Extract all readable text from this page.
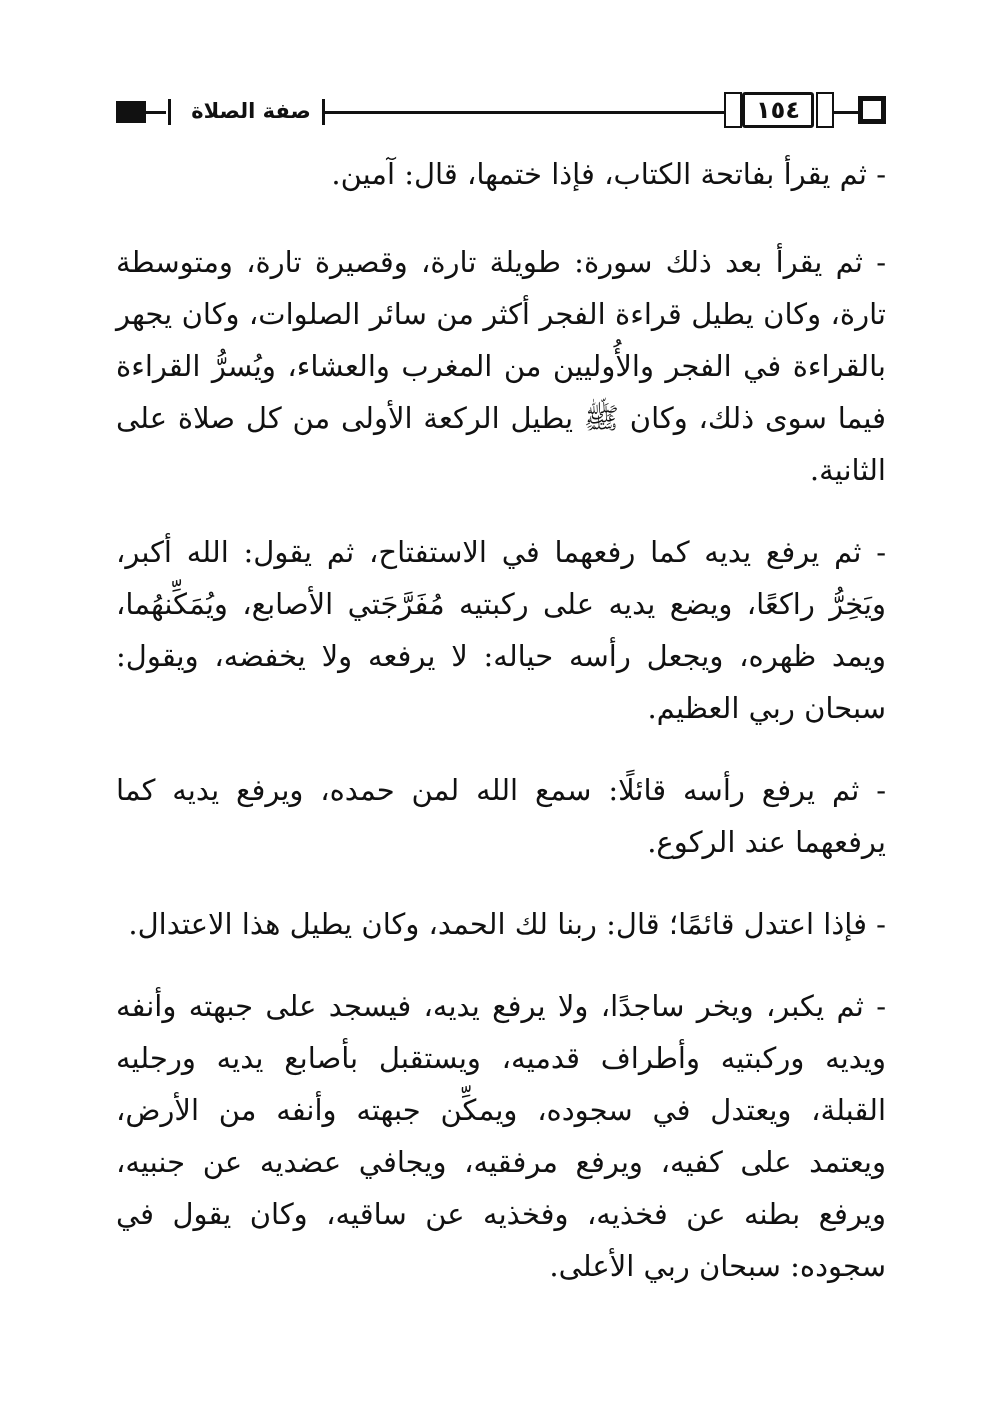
صفة الصلاة	١٥٤

- ثم يقرأ بفاتحة الكتاب، فإذا ختمها، قال: آمين.

- ثم يقرأ بعد ذلك سورة: طويلة تارة، وقصيرة تارة، ومتوسطة تارة، وكان يطيل قراءة الفجر أكثر من سائر الصلوات، وكان يجهر بالقراءة في الفجر والأُوليين من المغرب والعشاء، ويُسرُّ القراءة فيما سوى ذلك، وكان ﷺ يطيل الركعة الأولى من كل صلاة على الثانية.

- ثم يرفع يديه كما رفعهما في الاستفتاح، ثم يقول: الله أكبر، ويَخِرُّ راكعًا، ويضع يديه على ركبتيه مُفَرَّجَتي الأصابع، ويُمَكِّنهُما، ويمد ظهره، ويجعل رأسه حياله: لا يرفعه ولا يخفضه، ويقول: سبحان ربي العظيم.

- ثم يرفع رأسه قائلًا: سمع الله لمن حمده، ويرفع يديه كما يرفعهما عند الركوع.

- فإذا اعتدل قائمًا؛ قال: ربنا لك الحمد، وكان يطيل هذا الاعتدال.

- ثم يكبر، ويخر ساجدًا، ولا يرفع يديه، فيسجد على جبهته وأنفه ويديه وركبتيه وأطراف قدميه، ويستقبل بأصابع يديه ورجليه القبلة، ويعتدل في سجوده، ويمكِّن جبهته وأنفه من الأرض، ويعتمد على كفيه، ويرفع مرفقيه، ويجافي عضديه عن جنبيه، ويرفع بطنه عن فخذيه، وفخذيه عن ساقيه، وكان يقول في سجوده: سبحان ربي الأعلى.
